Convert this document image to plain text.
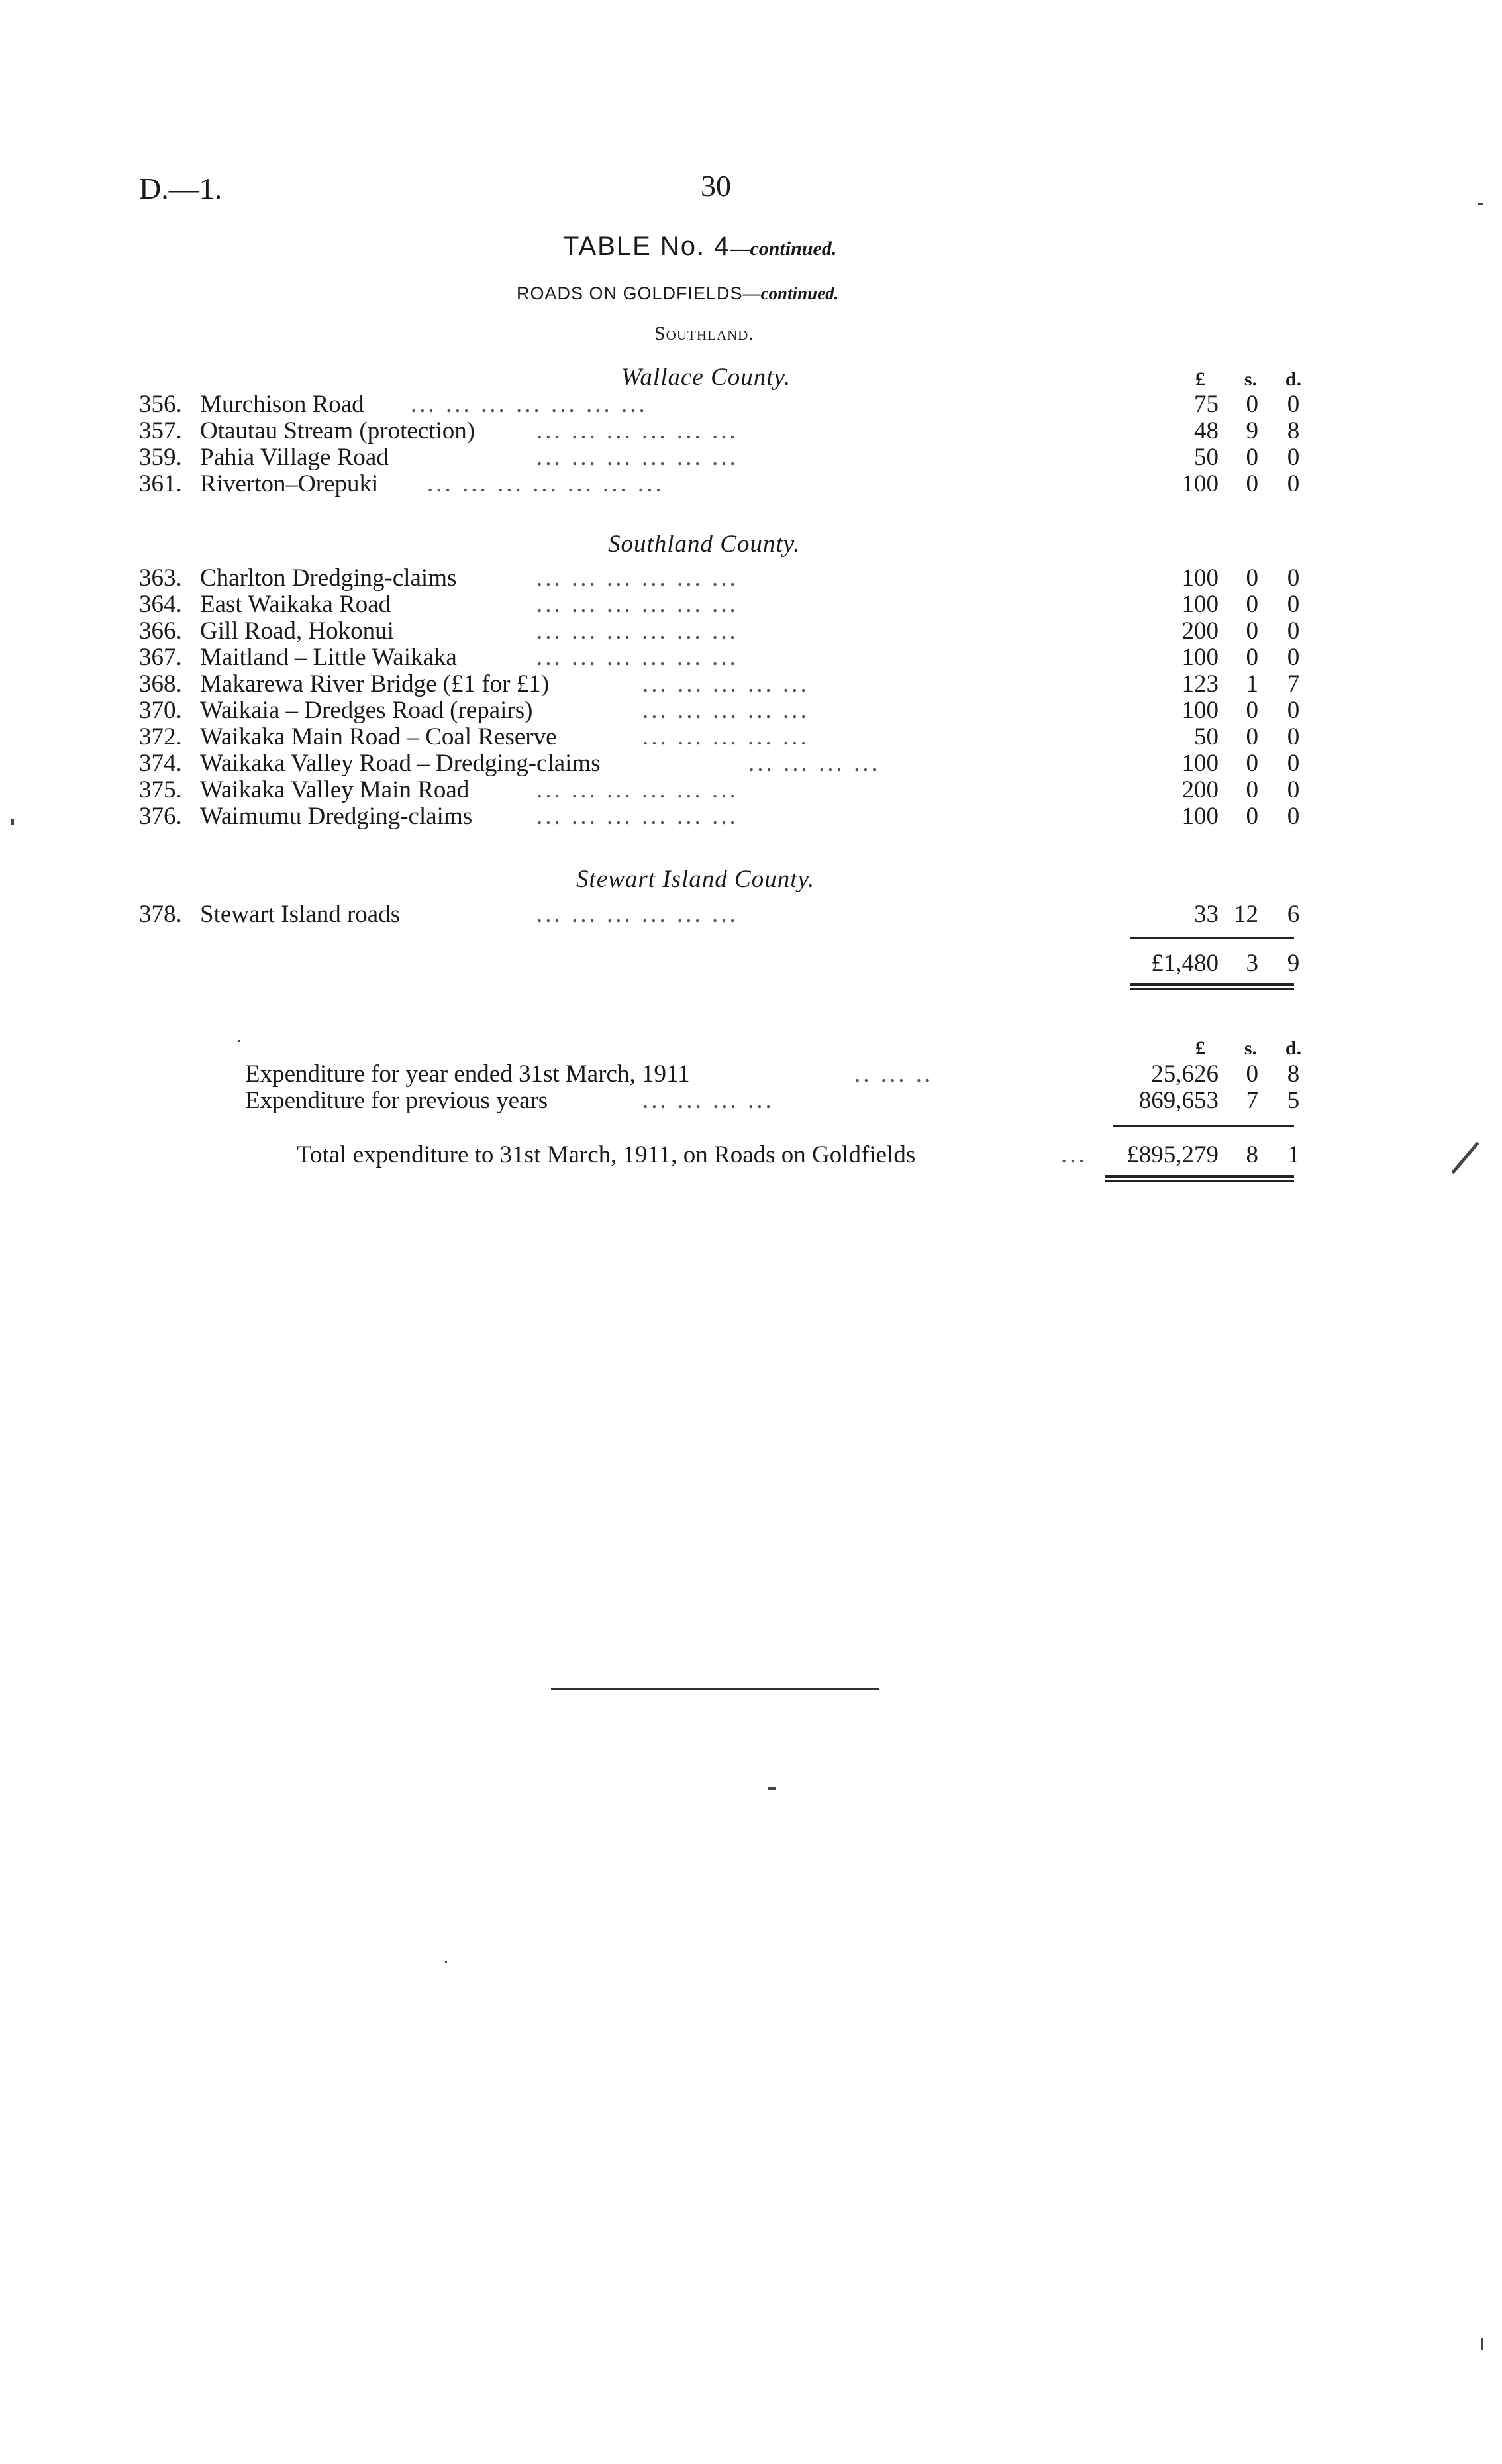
D.—1.	30
TABLE No. 4—continued.
ROADS ON GOLDFIELDS—continued.
Southland.
Wallace County.	£ s. d.
356. Murchison Road ... ... ... ... ... ... ...	75 0 0
357. Otautau Stream (protection)	... ... ... ... ... ...	48 9 8
359. Pahia Village Road	... ... ... ... ... ...	50 0 0
361. Riverton–Orepuki ... ... ... ... ... ... ...	100 0 0
Southland County.
363. Charlton Dredging-claims	... ... ... ... ... ...	100 0 0
364. East Waikaka Road	... ... ... ... ... ...	100 0 0
366. Gill Road, Hokonui	... ... ... ... ... ...	200 0 0
367. Maitland – Little Waikaka	... ... ... ... ... ...	100 0 0
368. Makarewa River Bridge (£1 for £1)	... ... ... ... ...	123 1 7
370. Waikaia – Dredges Road (repairs)	... ... ... ... ...	100 0 0
372. Waikaka Main Road – Coal Reserve	... ... ... ... ...	50 0 0
374. Waikaka Valley Road – Dredging-claims	... ... ... ...	100 0 0
375. Waikaka Valley Main Road	... ... ... ... ... ...	200 0 0
376. Waimumu Dredging-claims	... ... ... ... ... ...	100 0 0
Stewart Island County.
378. Stewart Island roads	... ... ... ... ... ...	33 12 6
£1,480 3 9
£ s. d.
Expenditure for year ended 31st March, 1911	.. ... ..	25,626 0 8
Expenditure for previous years	... ... ... ...	869,653 7 5
Total expenditure to 31st March, 1911, on Roads on Goldfields	... £895,279 8 1
